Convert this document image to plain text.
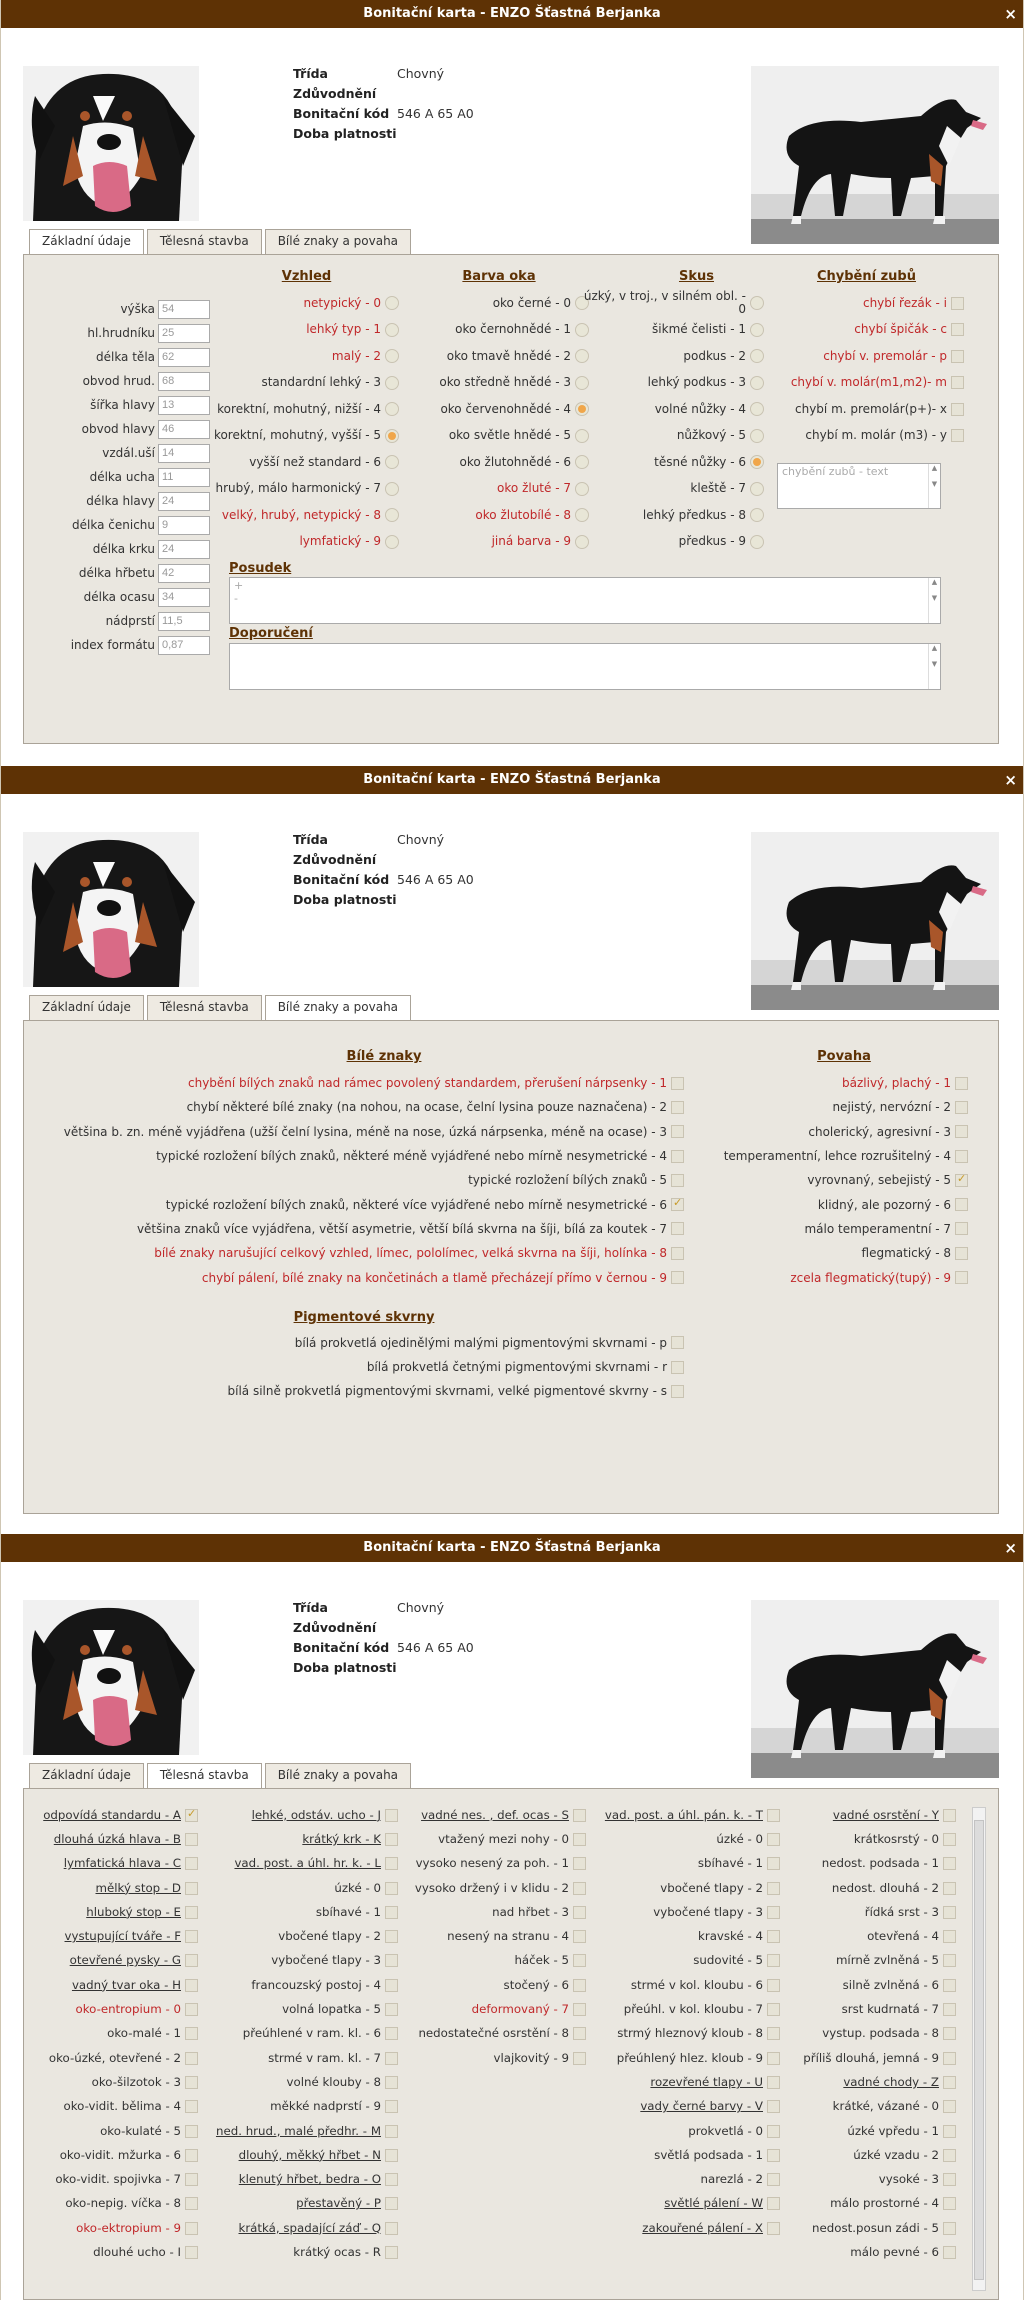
Bonitační karta - ENZO Šťastná Berjanka	×
Třída	Chovný
Zdůvodnění
Bonitační kód 546 A 65 A0
Doba platnosti
Základní údaje	Tělesná stavba	Bílé znaky a povaha
výška
54
hl.hrudníku
25
délka těla
62
obvod hrud.
68
šířka hlavy
13
obvod hlavy
46
vzdál.uší
14
délka ucha
11
délka hlavy
24
délka čenichu
9
délka krku
24
délka hřbetu
42
délka ocasu
34
nádprstí
11,5
index formátu
0,87
Vzhled
netypický - 0
lehký typ - 1
malý - 2
standardní lehký - 3
korektní, mohutný, nižší - 4
korektní, mohutný, vyšší - 5
vyšší než standard - 6
hrubý, málo harmonický - 7
velký, hrubý, netypický - 8
lymfatický - 9
Barva oka
oko černé - 0
oko černohnědé - 1
oko tmavě hnědé - 2
oko středně hnědé - 3
oko červenohnědé - 4
oko světle hnědé - 5
oko žlutohnědé - 6
oko žluté - 7
oko žlutobílé - 8
jiná barva - 9
Skus
úzký, v troj., v silném obl. - 0
šikmé čelisti - 1
podkus - 2
lehký podkus - 3
volné nůžky - 4
nůžkový - 5
těsné nůžky - 6
kleště - 7
lehký předkus - 8
předkus - 9
Chybění zubů
chybí řezák - i
chybí špičák - c
chybí v. premolár - p
chybí v. molár(m1,m2)- m
chybí m. premolár(p+)- x
chybí m. molár (m3) - y
chybění zubů - text	▲

▼
Posudek
+
-
▲

▼
Doporučení
▲

▼
Bonitační karta - ENZO Šťastná Berjanka	×
Třída	Chovný
Zdůvodnění
Bonitační kód 546 A 65 A0
Doba platnosti
Základní údaje	Tělesná stavba	Bílé znaky a povaha
Bílé znaky
chybění bílých znaků nad rámec povolený standardem, přerušení nárpsenky - 1
chybí některé bílé znaky (na nohou, na ocase, čelní lysina pouze naznačena) - 2
většina b. zn. méně vyjádřena (užší čelní lysina, méně na nose, úzká nárpsenka, méně na ocase) - 3
typické rozložení bílých znaků, některé méně vyjádřené nebo mírně nesymetrické - 4
typické rozložení bílých znaků - 5
typické rozložení bílých znaků, některé více vyjádřené nebo mírně nesymetrické - 6
✓
většina znaků více vyjádřena, větší asymetrie, větší bílá skvrna na šíji, bílá za koutek - 7
bílé znaky narušující celkový vzhled, límec, pololímec, velká skvrna na šíji, holínka - 8
chybí pálení, bílé znaky na končetinách a tlamě přecházejí přímo v černou - 9
Pigmentové skvrny
bílá prokvetlá ojedinělými malými pigmentovými skvrnami - p
bílá prokvetlá četnými pigmentovými skvrnami - r
bílá silně prokvetlá pigmentovými skvrnami, velké pigmentové skvrny - s
Povaha
bázlivý, plachý - 1
nejistý, nervózní - 2
cholerický, agresivní - 3
temperamentní, lehce rozrušitelný - 4
vyrovnaný, sebejistý - 5
✓
klidný, ale pozorný - 6
málo temperamentní - 7
flegmatický - 8
zcela flegmatický(tupý) - 9
Bonitační karta - ENZO Šťastná Berjanka	×
Třída	Chovný
Zdůvodnění
Bonitační kód 546 A 65 A0
Doba platnosti
Základní údaje	Tělesná stavba	Bílé znaky a povaha
odpovídá standardu - A
✓
dlouhá úzká hlava - B
lymfatická hlava - C
mělký stop - D
hluboký stop - E
vystupující tváře - F
otevřené pysky - G
vadný tvar oka - H
oko-entropium - 0
oko-malé - 1
oko-úzké, otevřené - 2
oko-šilzotok - 3
oko-vidit. bělima - 4
oko-kulaté - 5
oko-vidit. mžurka - 6
oko-vidit. spojivka - 7
oko-nepig. víčka - 8
oko-ektropium - 9
dlouhé ucho - I
lehké, odstáv. ucho - J
krátký krk - K
vad. post. a úhl. hr. k. - L
úzké - 0
sbíhavé - 1
vbočené tlapy - 2
vybočené tlapy - 3
francouzský postoj - 4
volná lopatka - 5
přeúhlené v ram. kl. - 6
strmé v ram. kl. - 7
volné klouby - 8
měkké nadprstí - 9
ned. hrud., malé předhr. - M
dlouhý, měkký hřbet - N
klenutý hřbet, bedra - O
přestavěný - P
krátká, spadající záď - Q
krátký ocas - R
vadné nes. , def. ocas - S
vtažený mezi nohy - 0
vysoko nesený za poh. - 1
vysoko držený i v klidu - 2
nad hřbet - 3
nesený na stranu - 4
háček - 5
stočený - 6
deformovaný - 7
nedostatečné osrstění - 8
vlajkovitý - 9
vad. post. a úhl. pán. k. - T
úzké - 0
sbíhavé - 1
vbočené tlapy - 2
vybočené tlapy - 3
kravské - 4
sudovité - 5
strmé v kol. kloubu - 6
přeúhl. v kol. kloubu - 7
strmý hleznový kloub - 8
přeúhlený hlez. kloub - 9
rozevřené tlapy - U
vady černé barvy - V
prokvetlá - 0
světlá podsada - 1
narezlá - 2
světlé pálení - W
zakouřené pálení - X
vadné osrstění - Y
krátkosrstý - 0
nedost. podsada - 1
nedost. dlouhá - 2
řídká srst - 3
otevřená - 4
mírně zvlněná - 5
silně zvlněná - 6
srst kudrnatá - 7
vystup. podsada - 8
příliš dlouhá, jemná - 9
vadné chody - Z
krátké, vázané - 0
úzké vpředu - 1
úzké vzadu - 2
vysoké - 3
málo prostorné - 4
nedost.posun zádi - 5
málo pevné - 6
